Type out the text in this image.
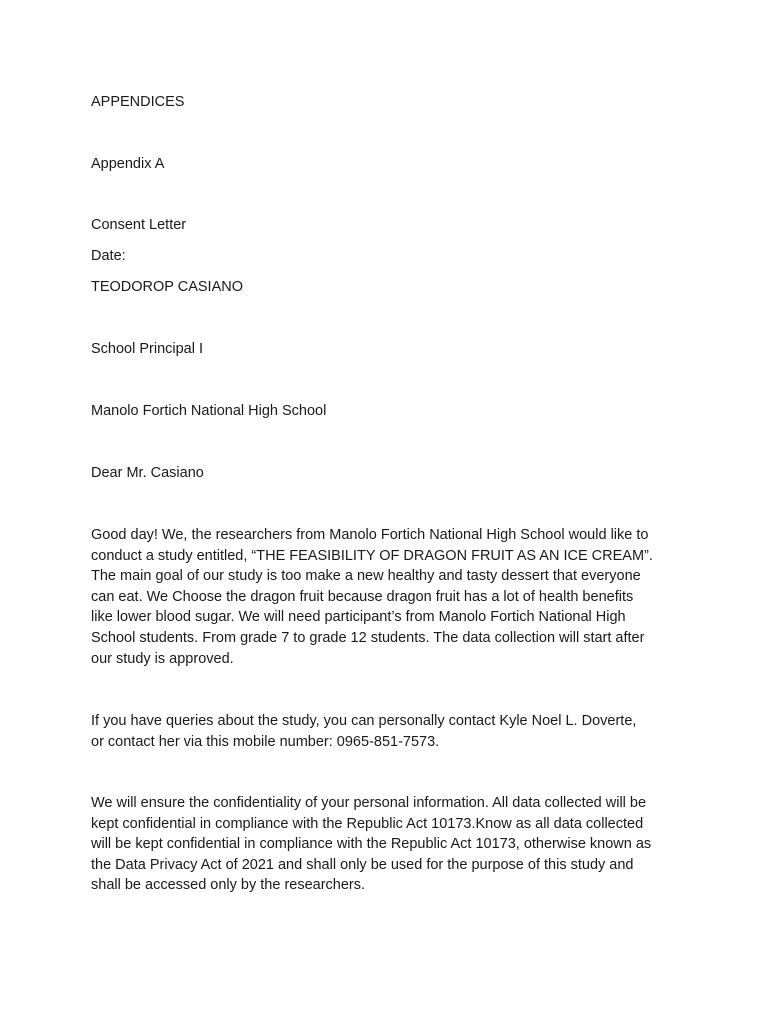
APPENDICES

Appendix A

Consent Letter

Date:

TEODOROP CASIANO

School Principal I

Manolo Fortich National High School

Dear Mr. Casiano

Good day! We, the researchers from Manolo Fortich National High School would like to
conduct a study entitled, “THE FEASIBILITY OF DRAGON FRUIT AS AN ICE CREAM”.
The main goal of our study is too make a new healthy and tasty dessert that everyone
can eat. We Choose the dragon fruit because dragon fruit has a lot of health benefits
like lower blood sugar. We will need participant’s from Manolo Fortich National High
School students. From grade 7 to grade 12 students. The data collection will start after
our study is approved.
If you have queries about the study, you can personally contact Kyle Noel L. Doverte,
or contact her via this mobile number: 0965-851-7573.
We will ensure the confidentiality of your personal information. All data collected will be
kept confidential in compliance with the Republic Act 10173.Know as all data collected
will be kept confidential in compliance with the Republic Act 10173, otherwise known as
the Data Privacy Act of 2021 and shall only be used for the purpose of this study and
shall be accessed only by the researchers.
